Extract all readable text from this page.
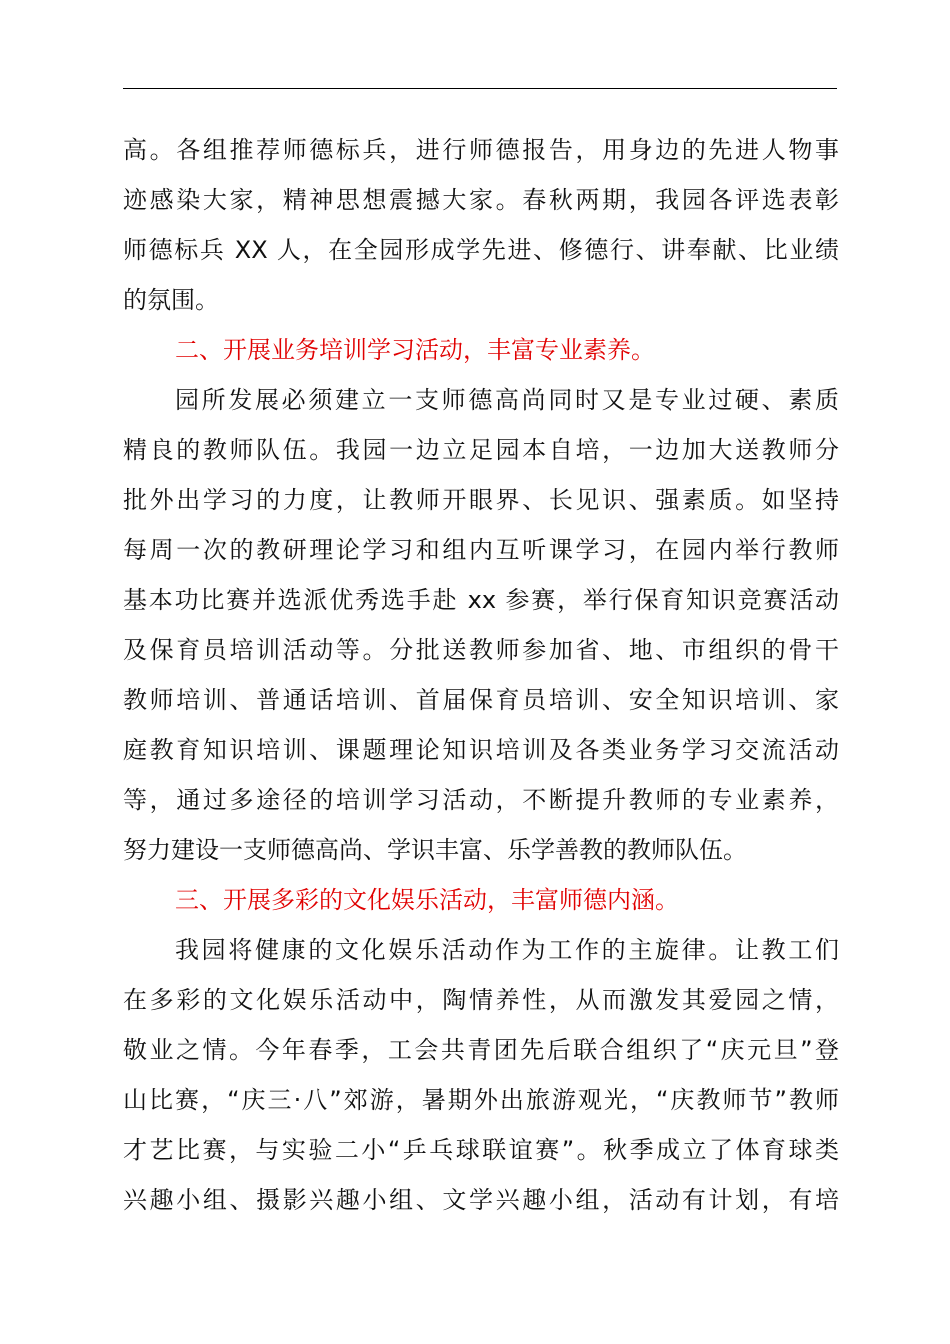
高。各组推荐师德标兵，进行师德报告，用身边的先进人物事
迹感染大家，精神思想震撼大家。春秋两期，我园各评选表彰
师德标兵 XX 人，在全园形成学先进、修德行、讲奉献、比业绩
的氛围。
二、开展业务培训学习活动，丰富专业素养。
园所发展必须建立一支师德高尚同时又是专业过硬、素质
精良的教师队伍。我园一边立足园本自培，一边加大送教师分
批外出学习的力度，让教师开眼界、长见识、强素质。如坚持
每周一次的教研理论学习和组内互听课学习，在园内举行教师
基本功比赛并选派优秀选手赴 xx 参赛，举行保育知识竞赛活动
及保育员培训活动等。分批送教师参加省、地、市组织的骨干
教师培训、普通话培训、首届保育员培训、安全知识培训、家
庭教育知识培训、课题理论知识培训及各类业务学习交流活动
等，通过多途径的培训学习活动，不断提升教师的专业素养，
努力建设一支师德高尚、学识丰富、乐学善教的教师队伍。
三、开展多彩的文化娱乐活动，丰富师德内涵。
我园将健康的文化娱乐活动作为工作的主旋律。让教工们
在多彩的文化娱乐活动中，陶情养性，从而激发其爱园之情，
敬业之情。今年春季，工会共青团先后联合组织了“庆元旦”登
山比赛，“庆三·八”郊游，暑期外出旅游观光，“庆教师节”教师
才艺比赛，与实验二小“乒乓球联谊赛”。秋季成立了体育球类
兴趣小组、摄影兴趣小组、文学兴趣小组，活动有计划，有培
